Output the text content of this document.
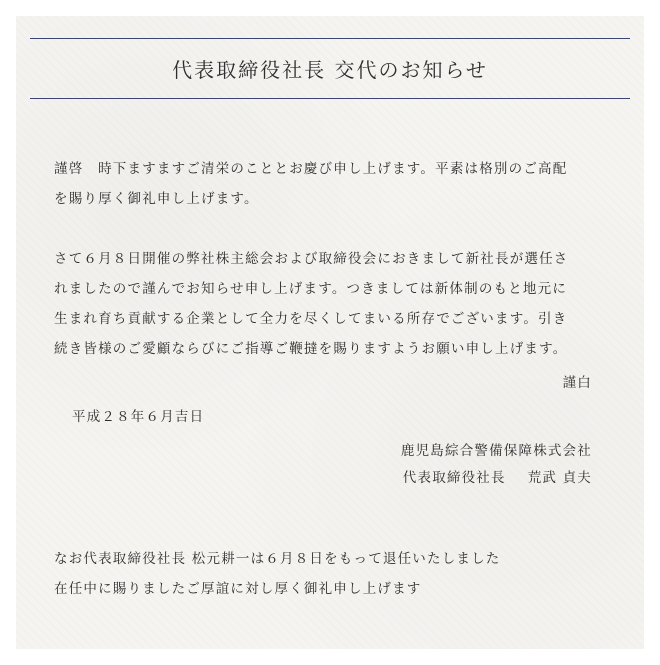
代表取締役社長 交代のお知らせ
謹啓　時下ますますご清栄のこととお慶び申し上げます。平素は格別のご高配
を賜り厚く御礼申し上げます。
さて６月８日開催の弊社株主総会および取締役会におきまして新社長が選任さ
れましたので謹んでお知らせ申し上げます。つきましては新体制のもと地元に
生まれ育ち貢献する企業として全力を尽くしてまいる所存でございます。引き
続き皆様のご愛顧ならびにご指導ご鞭撻を賜りますようお願い申し上げます。
謹白
平成２８年６月吉日
鹿児島綜合警備保障株式会社
代表取締役社長 荒武 貞夫
なお代表取締役社長 松元耕一は６月８日をもって退任いたしました
在任中に賜りましたご厚誼に対し厚く御礼申し上げます
